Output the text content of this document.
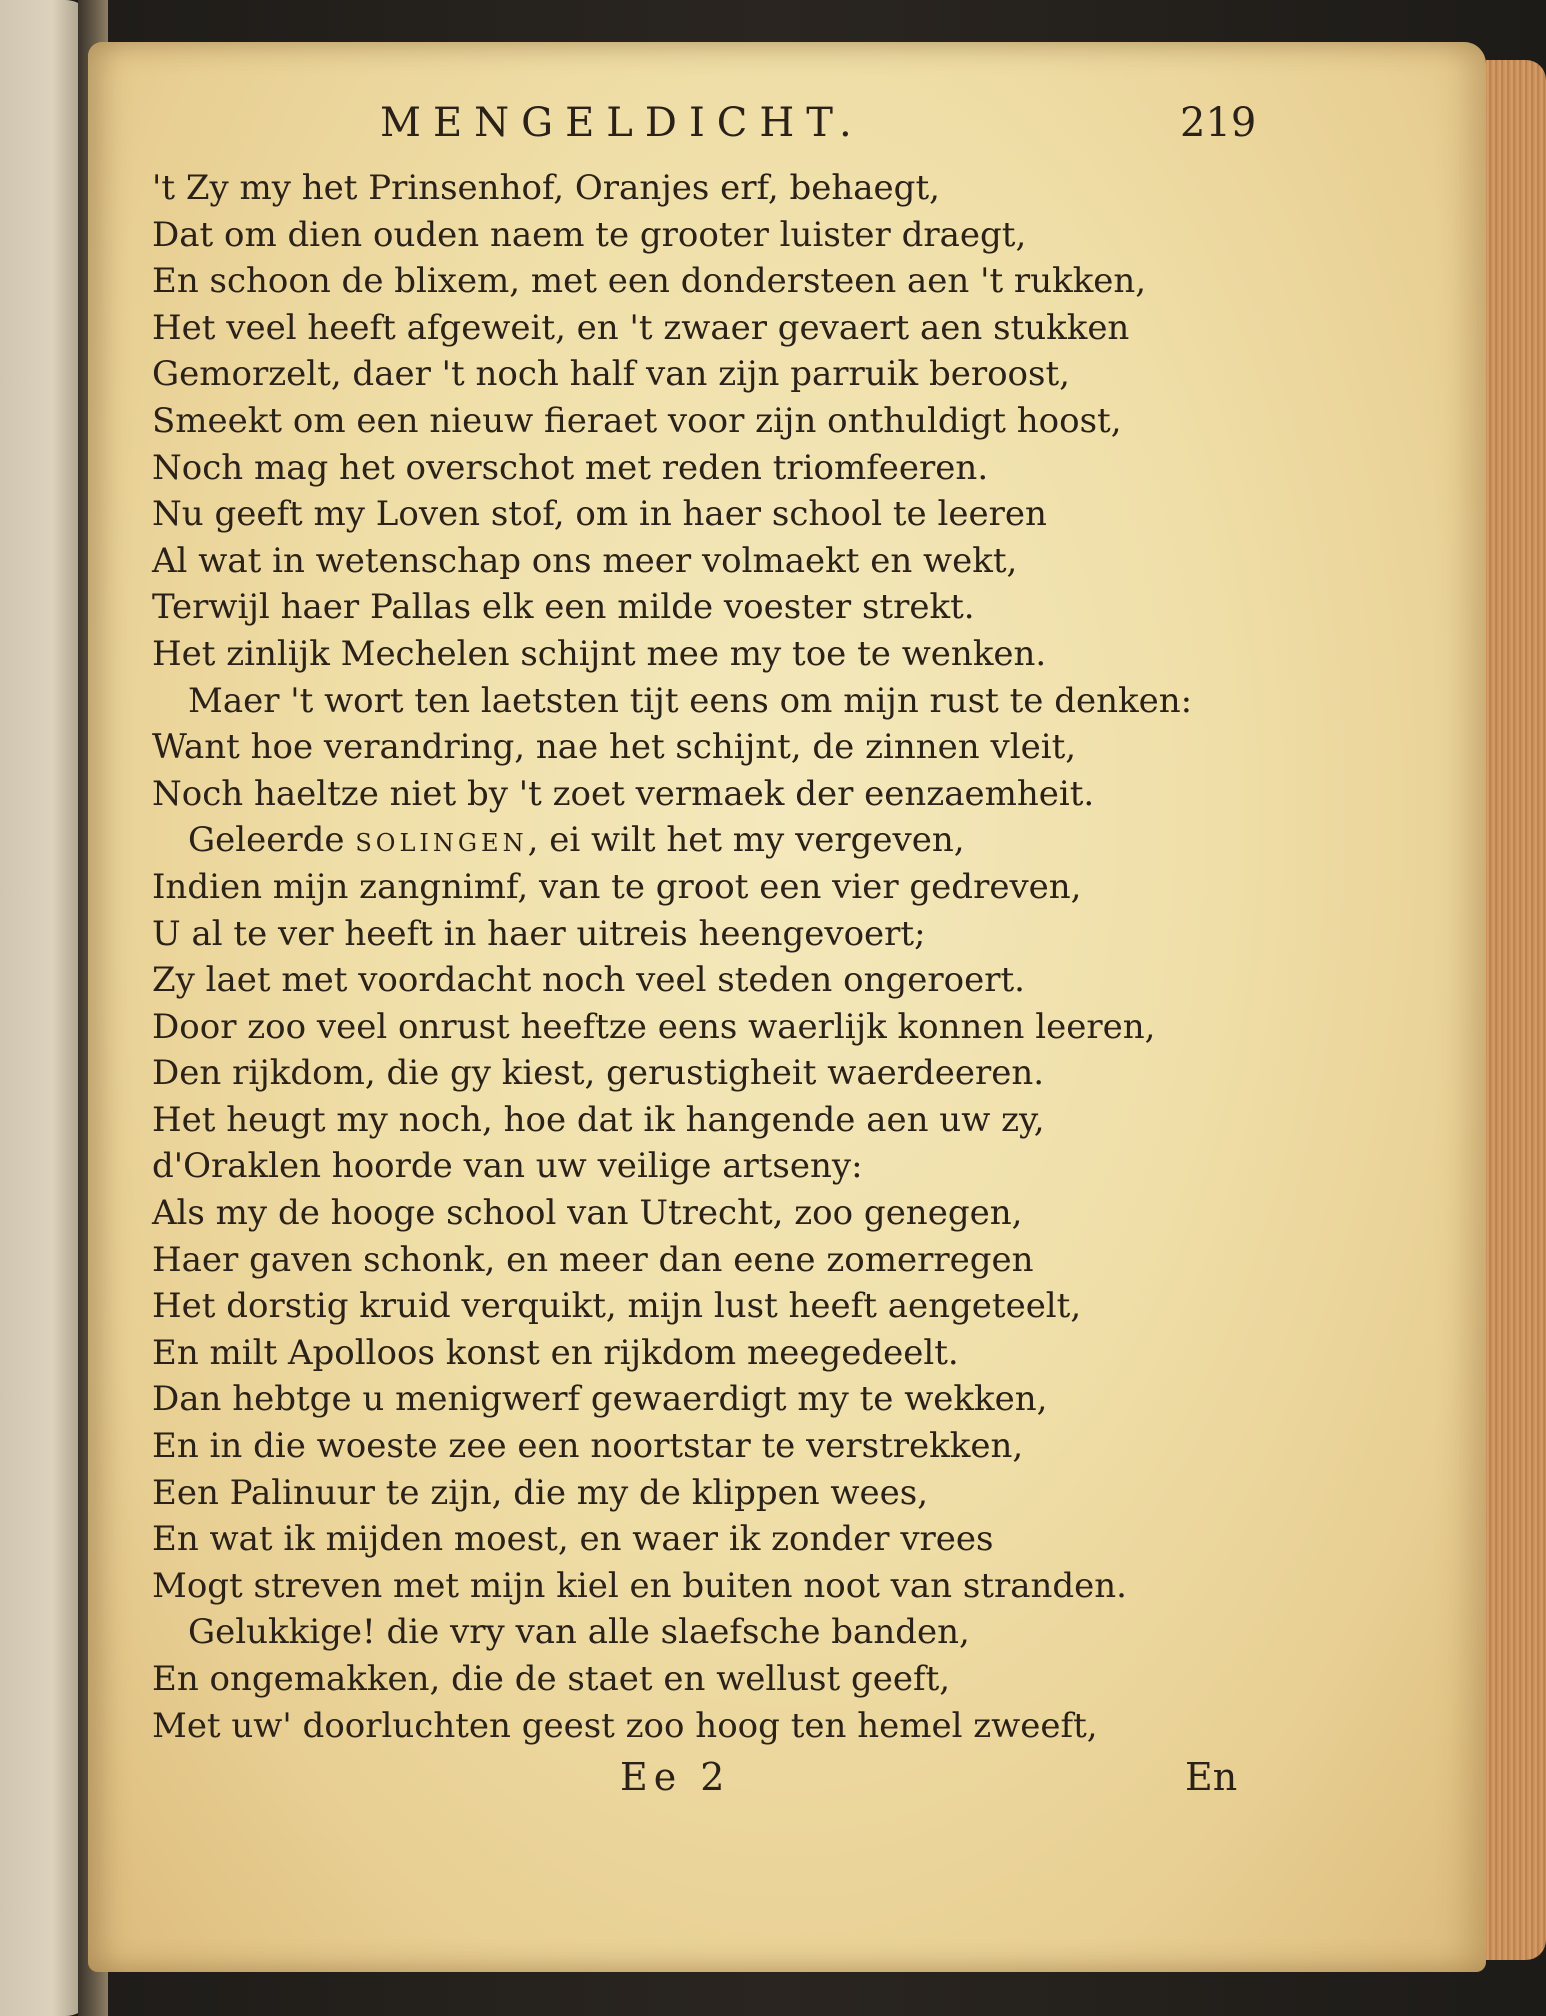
MENGELDICHT.	219
't Zy my het Prinsenhof, Oranjes erf, behaegt,
Dat om dien ouden naem te grooter luister draegt,
En schoon de blixem, met een dondersteen aen 't rukken,
Het veel heeft afgeweit, en 't zwaer gevaert aen stukken
Gemorzelt, daer 't noch half van zijn parruik beroost,
Smeekt om een nieuw fieraet voor zijn onthuldigt hoost,
Noch mag het overschot met reden triomfeeren.
Nu geeft my Loven stof, om in haer school te leeren
Al wat in wetenschap ons meer volmaekt en wekt,
Terwijl haer Pallas elk een milde voester strekt.
Het zinlijk Mechelen schijnt mee my toe te wenken.
Maer 't wort ten laetsten tijt eens om mijn rust te denken:
Want hoe verandring, nae het schijnt, de zinnen vleit,
Noch haeltze niet by 't zoet vermaek der eenzaemheit.
Geleerde SOLINGEN, ei wilt het my vergeven,
Indien mijn zangnimf, van te groot een vier gedreven,
U al te ver heeft in haer uitreis heengevoert;
Zy laet met voordacht noch veel steden ongeroert.
Door zoo veel onrust heeftze eens waerlijk konnen leeren,
Den rijkdom, die gy kiest, gerustigheit waerdeeren.
Het heugt my noch, hoe dat ik hangende aen uw zy,
d'Oraklen hoorde van uw veilige artseny:
Als my de hooge school van Utrecht, zoo genegen,
Haer gaven schonk, en meer dan eene zomerregen
Het dorstig kruid verquikt, mijn lust heeft aengeteelt,
En milt Apolloos konst en rijkdom meegedeelt.
Dan hebtge u menigwerf gewaerdigt my te wekken,
En in die woeste zee een noortstar te verstrekken,
Een Palinuur te zijn, die my de klippen wees,
En wat ik mijden moest, en waer ik zonder vrees
Mogt streven met mijn kiel en buiten noot van stranden.
Gelukkige! die vry van alle slaefsche banden,
En ongemakken, die de staet en wellust geeft,
Met uw' doorluchten geest zoo hoog ten hemel zweeft,
Ee 2	En
